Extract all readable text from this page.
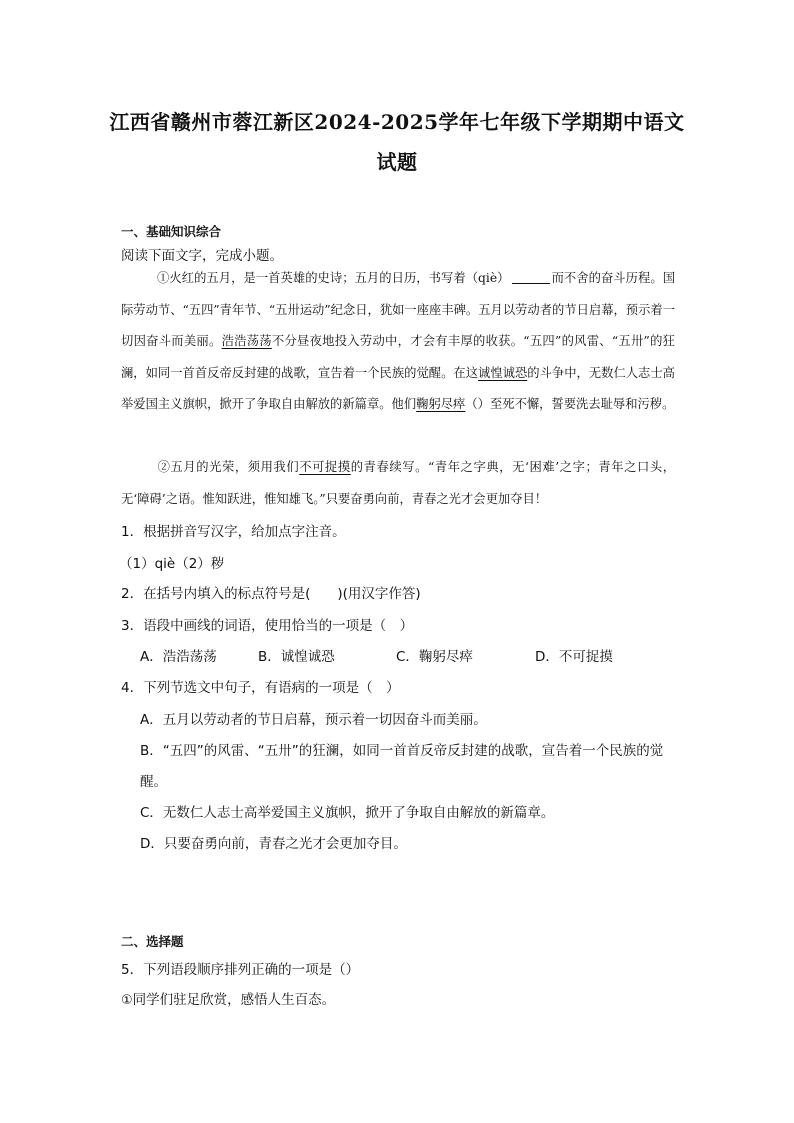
江西省赣州市蓉江新区2024-2025学年七年级下学期期中语文
试题
一、基础知识综合
阅读下面文字，完成小题。
①火红的五月，是一首英雄的史诗；五月的日历，书写着（qiè）	而不舍的奋斗历程。国际劳动节、“五四”青年节、“五卅运动”纪念日，犹如一座座丰碑。五月以劳动者的节日启幕，预示着一切因奋斗而美丽。浩浩荡荡不分昼夜地投入劳动中，才会有丰厚的收获。“五四”的风雷、“五卅”的狂澜，如同一首首反帝反封建的战歌，宣告着一个民族的觉醒。在这诚惶诚恐的斗争中，无数仁人志士高举爱国主义旗帜，掀开了争取自由解放的新篇章。他们鞠躬尽瘁（）至死不懈，誓要洗去耻辱和污秽。
②五月的光荣，须用我们不可捉摸的青春续写。“青年之字典，无‘困难’之字；青年之口头，无‘障碍’之语。惟知跃进，惟知雄飞。”只要奋勇向前，青春之光才会更加夺目！
1．根据拼音写汉字，给加点字注音。
（1）qiè（2）秽
2．在括号内填入的标点符号是(　　)(用汉字作答)
3．语段中画线的词语，使用恰当的一项是（　）
A．浩浩荡荡	B．诚惶诚恐	C．鞠躬尽瘁	D．不可捉摸
4．下列节选文中句子，有语病的一项是（　）
A．五月以劳动者的节日启幕，预示着一切因奋斗而美丽。
B．“五四”的风雷、“五卅”的狂澜，如同一首首反帝反封建的战歌，宣告着一个民族的觉
醒。
C．无数仁人志士高举爱国主义旗帜，掀开了争取自由解放的新篇章。
D．只要奋勇向前，青春之光才会更加夺目。
二、选择题
5．下列语段顺序排列正确的一项是（）
①同学们驻足欣赏，感悟人生百态。
